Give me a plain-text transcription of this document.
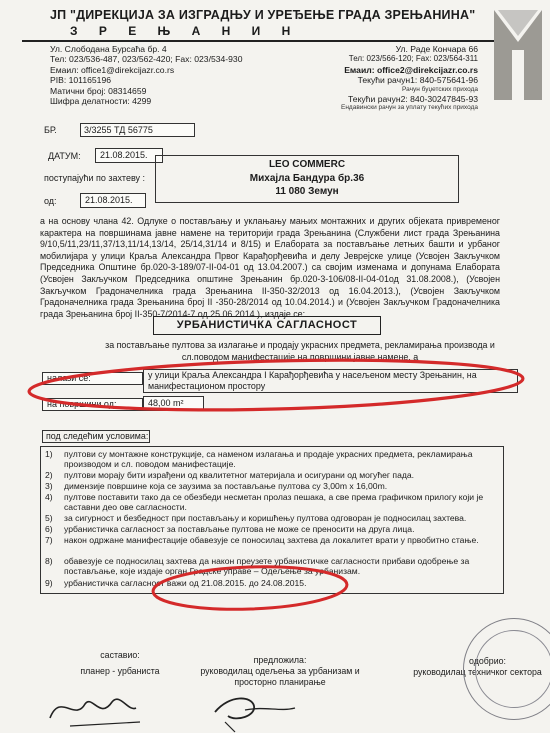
ЈП "ДИРЕКЦИЈА ЗА ИЗГРАДЊУ И УРЕЂЕЊЕ ГРАДА ЗРЕЊАНИНА"
З Р Е Њ А Н И Н
Ул. Слободана Бурсаћа бр. 4
Тел: 023/536-487, 023/562-420; Fax: 023/534-930
Емаил: office1@direkcijazr.co.rs
PIB: 101165196
Матични број: 08314659
Шифра делатности: 4299
Ул. Раде Кончара 66
Тел: 023/566-120; Fax: 023/564-311
Емаил: office2@direkcijazr.co.rs
Текући рачун1: 840-575641-96
Рачун буџетских прихода
Текући рачун2: 840-30247845-93
Ендавински рачун за уплату текућих прихода
БР.	3/3255 ТД 56775
ДАТУМ:	21.08.2015.
поступајући по захтеву :
од:	21.08.2015.
LEO COMMERC
Михајла Бандура бр.36
11 080 Земун
а на основу члана 42. Одлуке о постављању и уклањању мањих монтажних и других објеката привремeног карактера на површинама јавне намене на територији града Зрењанина (Службени лист града Зрењанина 9/10,5/11,23/11,37/13,11/14,13/14, 25/14,31/14 и 8/15) и Елабората за постављање летњих башти и урбаног мобилијара у улици Краља Александра Првог Карађорђевића и делу Јеврејске улице (Усвојен Закључком Председника Општине бр.020-3-189/07-II-04-01 од 13.04.2007.) са својим изменама и допунама Елабората (Усвојен Закључком Председника општине Зрењанин бр.020-3-106/08-II-04-01од 31.08.2008.), (Усвојен Закључком Градоначелника града Зрењанина II-350-32/2013 од 16.04.2013.), (Усвојен Закључком Градоначелника града Зрењанина број II -350-28/2014 од 10.04.2014.) и (Усвојен Закључком Градоначелника града Зрењанина број II-350-7/2014-7 од 25.06.2014.), издаје се:
УРБАНИСТИЧКА САГЛАСНОСТ
за постављање пултова за излагање и продају украсних предмета, рекламирања производа и сл.поводом манифестације на површини јавне намене, а
налази се:	у улици Краља Александра I Карађорђевића у насељеном месту Зрењанин, на манифестационом простору
на површини од:	48,00 m²
под следећим условима:
1) пултови су монтажне конструкције, са наменом излагања и продаје украсних предмета, рекламирања производом и сл. поводом манифестације.
2) пултови морају бити израђени од квалитетног материјала и осигурани од могућег пада.
3) димензије површине која се заузима за постављање пултова су 3,00m x 16,00m.
4) пултове поставити тако да се обезбеди несметан пролаз пешака, а све према графичком прилогу који је саставни део ове сагласности.
5) за сигурност и безбедност при постављању и коришћењу пултова одговоран је подносилац захтева.
6) урбанистичка сагласност за постављање пултова не може се преносити на друга лица.
7) након одржане манифестације обавезује се поносилац захтева да локалитет врати у првобитно стање.
8) обавезује се подносилац захтева да након преузете урбанистичке сагласности прибави одобрење за постављање, које издаје орган Градске управе – Одељење за урбанизам.
9) урбанистичка сагласност важи од 21.08.2015. до 24.08.2015.
саставио:
планер - урбаниста
предложила:
руководилац одељења за урбанизам и
просторно планирање
одобрио:
руководилац техничког сектора
